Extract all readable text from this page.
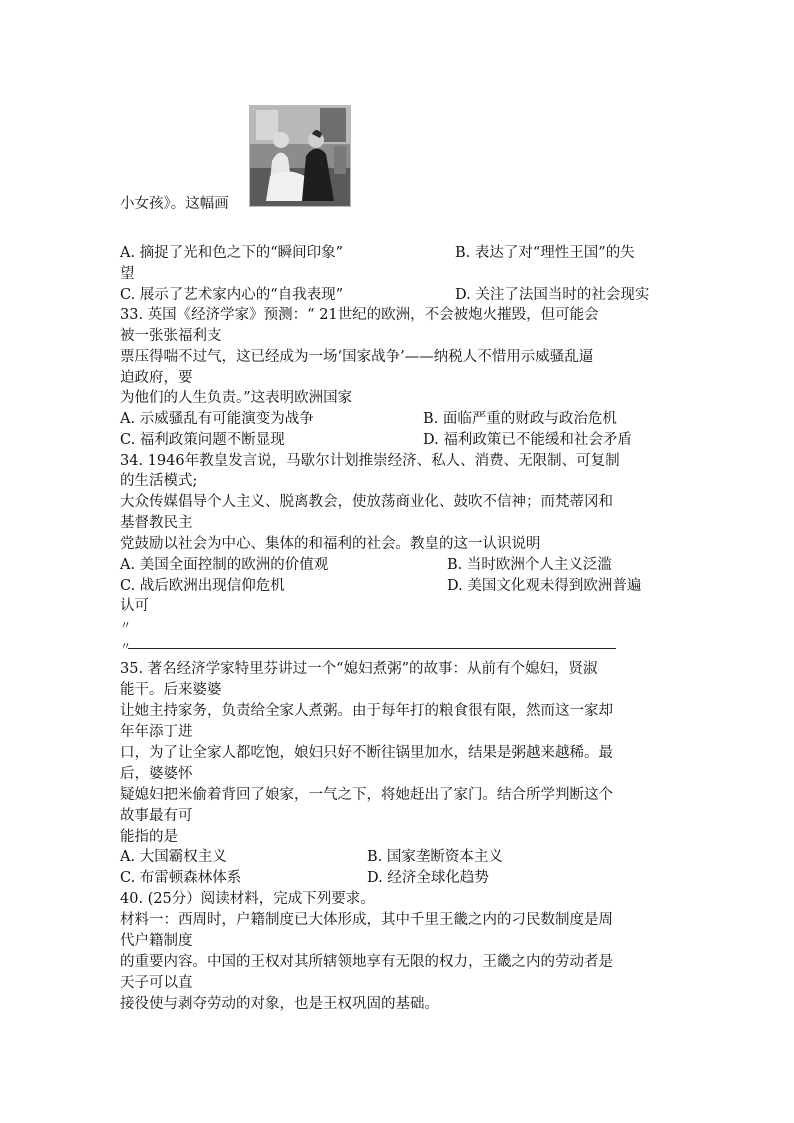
小女孩》。这幅画
A. 摘捉了光和色之下的“瞬间印象”	B. 表达了对“理性王国”的失
望
C. 展示了艺术家内心的“自我表现”	D. 关注了法国当时的社会现实
33. 英国《经济学家》预测：“ 21世纪的欧洲，不会被炮火摧毁，但可能会
被一张张福利支
票压得喘不过气，这已经成为一场‘国家战争’——纳税人不惜用示威骚乱逼
迫政府，要
为他们的人生负责。”这表明欧洲国家
A. 示威骚乱有可能演变为战争	B. 面临严重的财政与政治危机
C. 福利政策问题不断显现	D. 福利政策已不能缓和社会矛盾
34. 1946年教皇发言说，马歇尔计划推崇经济、私人、消费、无限制、可复制
的生活模式;
大众传媒倡导个人主义、脱离教会，使放荡商业化、鼓吹不信神；而梵蒂冈和
基督教民主
党鼓励以社会为中心、集体的和福利的社会。教皇的这一认识说明
A. 美国全面控制的欧洲的价值观	B. 当时欧洲个人主义泛滥
C. 战后欧洲出现信仰危机	D. 美国文化观未得到欧洲普遍
认可
〃
〃
35. 著名经济学家特里芬讲过一个“媳妇煮粥”的故事：从前有个媳妇，贤淑
能干。后来婆婆
让她主持家务，负责给全家人煮粥。由于每年打的粮食很有限，然而这一家却
年年添丁进
口，为了让全家人都吃饱，娘妇只好不断往锅里加水，结果是粥越来越稀。最
后，婆婆怀
疑媳妇把米偷着背回了娘家，一气之下，将她赶出了家门。结合所学判断这个
故事最有可
能指的是
A. 大国霸权主义	B. 国家垄断资本主义
C. 布雷顿森林体系	D. 经济全球化趋势
40. (25分）阅读材料，完成下列要求。
材料一：西周时，户籍制度已大体形成，其中千里王畿之内的刁民数制度是周
代户籍制度
的重要内容。中国的王权对其所辖领地享有无限的权力，王畿之内的劳动者是
天子可以直
接役使与剥夺劳动的对象，也是王权巩固的基础。
